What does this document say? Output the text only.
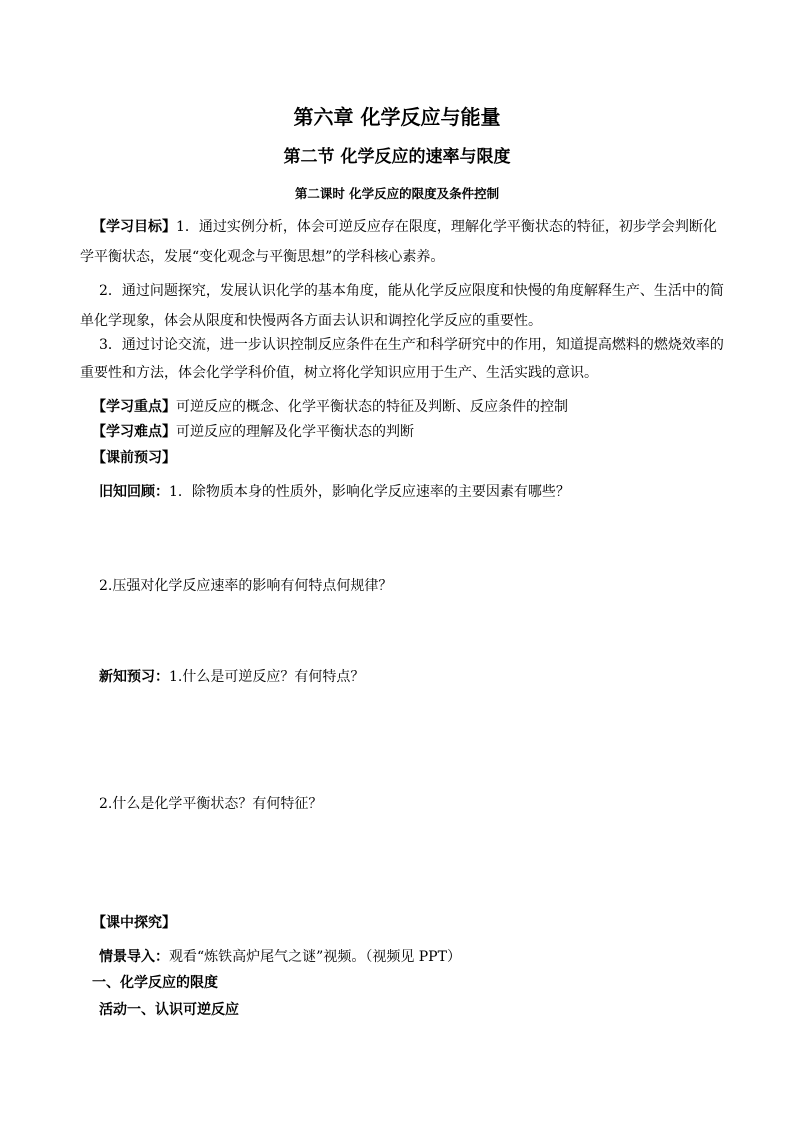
第六章 化学反应与能量
第二节 化学反应的速率与限度
第二课时 化学反应的限度及条件控制
【学习目标】1．通过实例分析，体会可逆反应存在限度，理解化学平衡状态的特征，初步学会判断化
学平衡状态，发展“变化观念与平衡思想”的学科核心素养。
2．通过问题探究，发展认识化学的基本角度，能从化学反应限度和快慢的角度解释生产、生活中的简
单化学现象，体会从限度和快慢两各方面去认识和调控化学反应的重要性。
3．通过讨论交流，进一步认识控制反应条件在生产和科学研究中的作用，知道提高燃料的燃烧效率的
重要性和方法，体会化学学科价值，树立将化学知识应用于生产、生活实践的意识。
【学习重点】可逆反应的概念、化学平衡状态的特征及判断、反应条件的控制
【学习难点】可逆反应的理解及化学平衡状态的判断
【课前预习】
旧知回顾：1．除物质本身的性质外，影响化学反应速率的主要因素有哪些？
2.压强对化学反应速率的影响有何特点何规律？
新知预习：1.什么是可逆反应？有何特点？
2.什么是化学平衡状态？有何特征？
【课中探究】
情景导入：观看“炼铁高炉尾气之谜”视频。（视频见 PPT）
一、化学反应的限度
活动一、认识可逆反应
